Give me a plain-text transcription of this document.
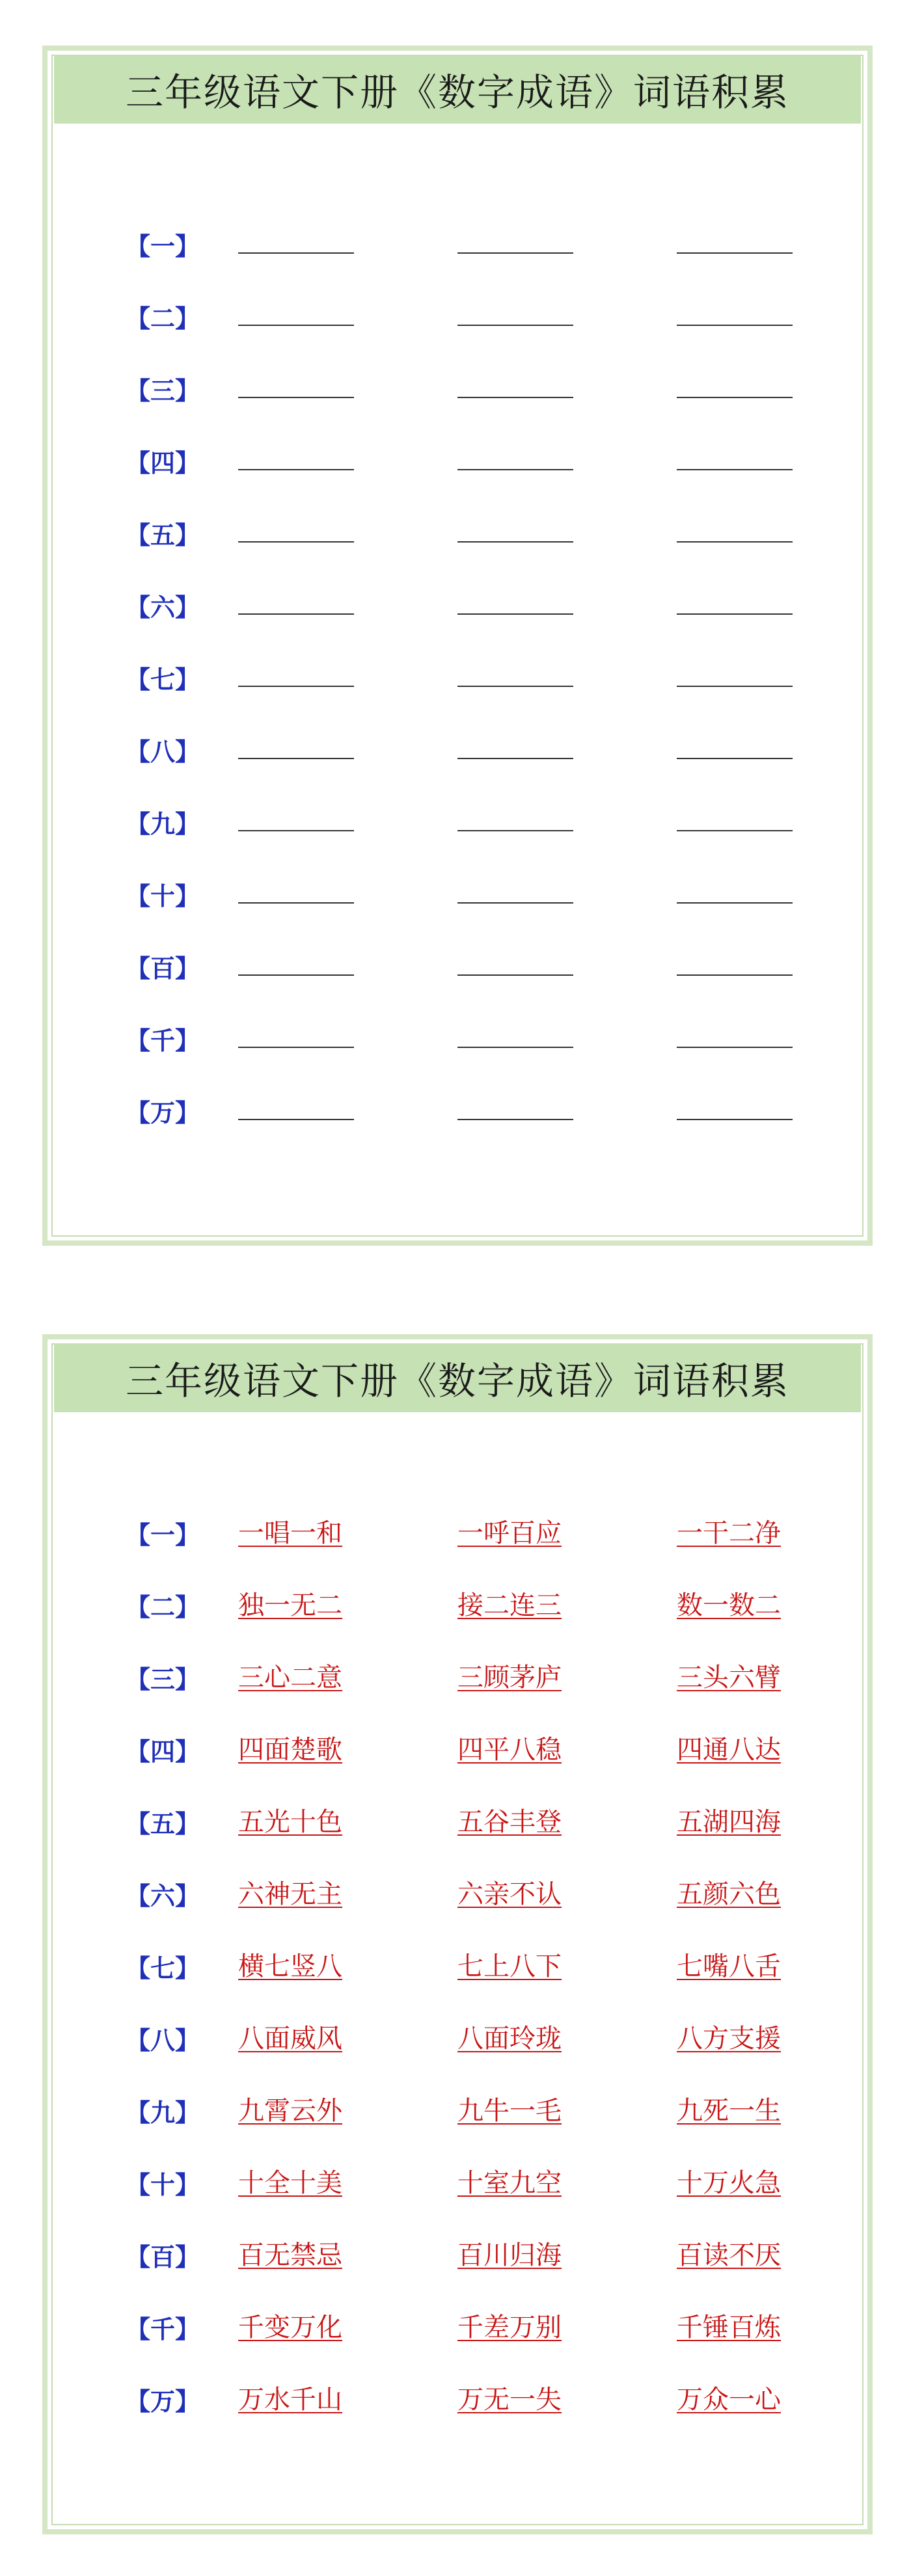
三年级语文下册《数字成语》词语积累
【一】
【二】
【三】
【四】
【五】
【六】
【七】
【八】
【九】
【十】
【百】
【千】
【万】
三年级语文下册《数字成语》词语积累
【一】	一唱一和	一呼百应	一干二净
【二】	独一无二	接二连三	数一数二
【三】	三心二意	三顾茅庐	三头六臂
【四】	四面楚歌	四平八稳	四通八达
【五】	五光十色	五谷丰登	五湖四海
【六】	六神无主	六亲不认	五颜六色
【七】	横七竖八	七上八下	七嘴八舌
【八】	八面威风	八面玲珑	八方支援
【九】	九霄云外	九牛一毛	九死一生
【十】	十全十美	十室九空	十万火急
【百】	百无禁忌	百川归海	百读不厌
【千】	千变万化	千差万别	千锤百炼
【万】	万水千山	万无一失	万众一心
